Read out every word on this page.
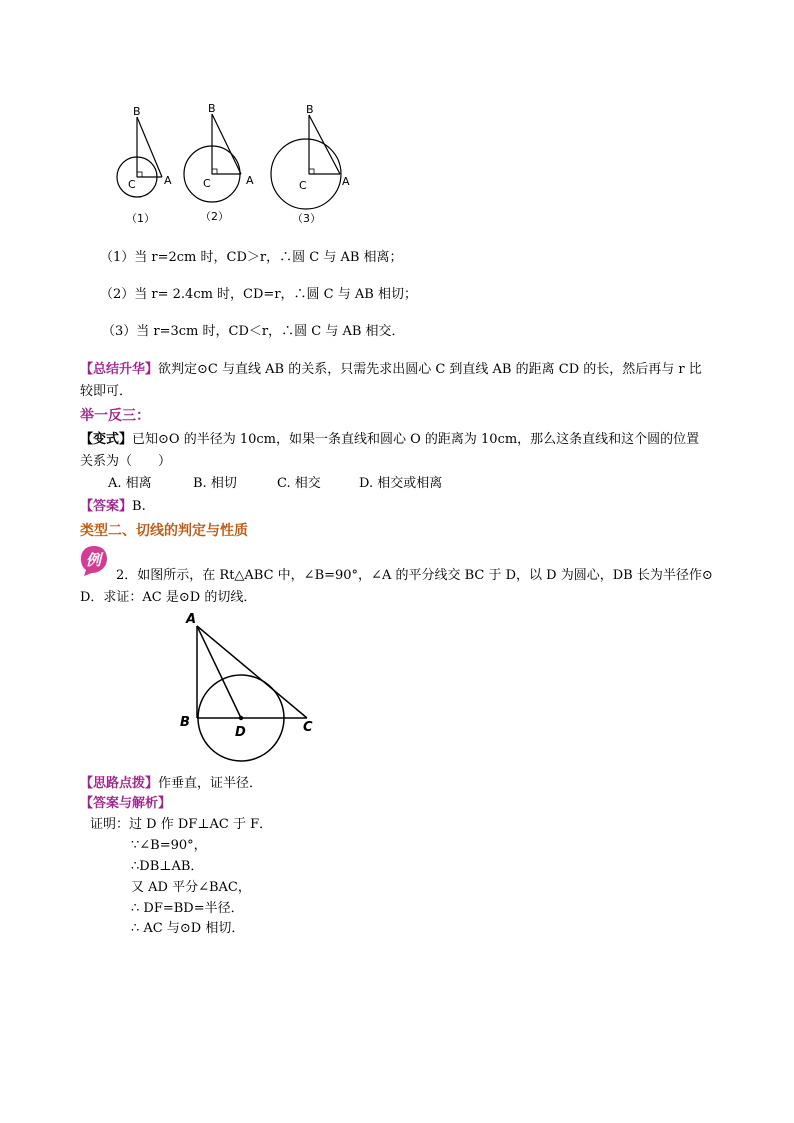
B
C	A
B
C	A
B
C	A
（1）	（2）	（3）
（1）当 r=2cm 时，CD＞r，∴圆 C 与 AB 相离；
（2）当 r= 2.4cm 时，CD=r，∴圆 C 与 AB 相切；
（3）当 r=3cm 时，CD＜r，∴圆 C 与 AB 相交．
【总结升华】欲判定⊙C 与直线 AB 的关系，只需先求出圆心 C 到直线 AB 的距离 CD 的长，然后再与 r 比
较即可．
举一反三：
【变式】已知⊙O 的半径为 10cm，如果一条直线和圆心 O 的距离为 10cm，那么这条直线和这个圆的位置
关系为（　　）
A. 相离	B. 相切	C. 相交	D. 相交或相离
【答案】B.
类型二、切线的判定与性质
例
2．如图所示，在 Rt△ABC 中，∠B=90°，∠A 的平分线交 BC 于 D，以 D 为圆心，DB 长为半径作⊙
D．求证：AC 是⊙D 的切线．
A
B	C
D
【思路点拨】作垂直，证半径．
【答案与解析】
证明：过 D 作 DF⊥AC 于 F．
∵∠B=90°，
∴DB⊥AB．
又 AD 平分∠BAC，
∴ DF=BD=半径．
∴ AC 与⊙D 相切．
